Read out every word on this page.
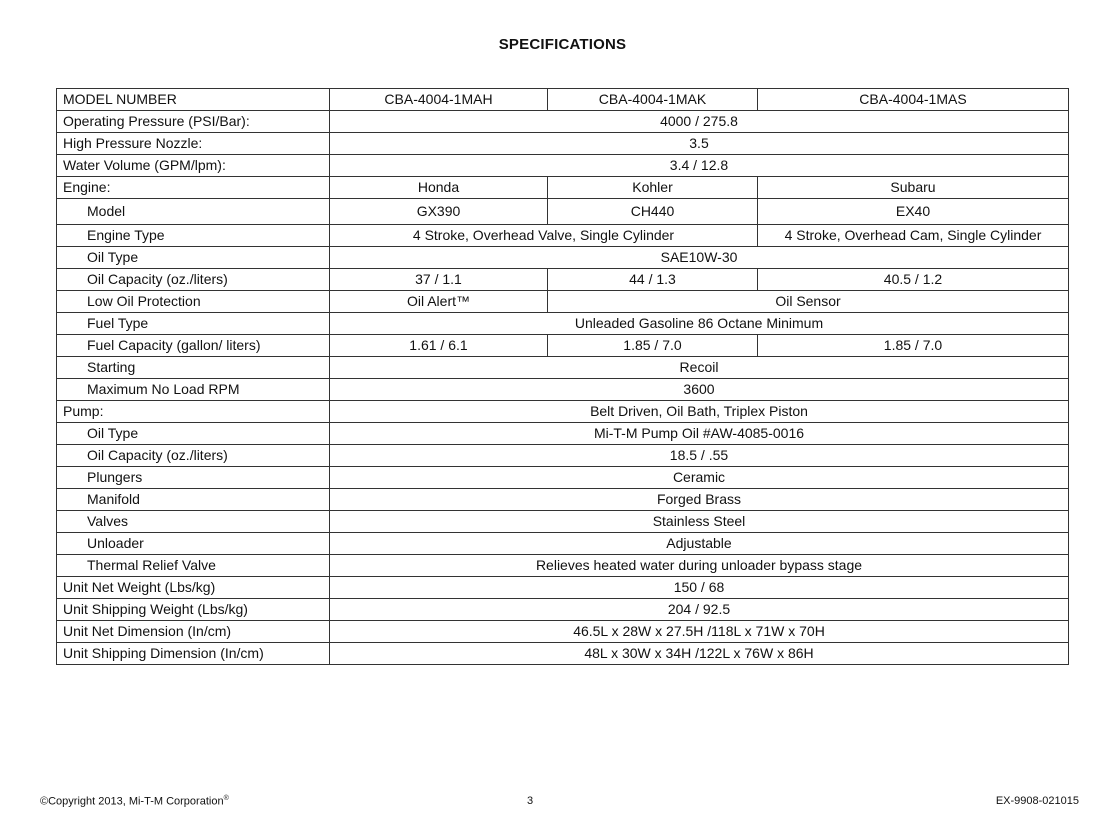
SPECIFICATIONS
MODEL NUMBER	CBA-4004-1MAH	CBA-4004-1MAK	CBA-4004-1MAS
Operating Pressure (PSI/Bar):	4000 / 275.8		
High Pressure Nozzle:	3.5		
Water Volume (GPM/lpm):	3.4 / 12.8		
Engine:	Honda	Kohler	Subaru
Model	GX390	CH440	EX40
Engine Type	4 Stroke, Overhead Valve, Single Cylinder		4 Stroke, Overhead Cam, Single Cylinder
Oil Type	SAE10W-30		
Oil Capacity (oz./liters)	37 / 1.1	44 / 1.3	40.5 / 1.2
Low Oil Protection	Oil Alert™	Oil Sensor	
Fuel Type	Unleaded Gasoline 86 Octane Minimum		
Fuel Capacity (gallon/ liters)	1.61 / 6.1	1.85 / 7.0	1.85 / 7.0
Starting	Recoil		
Maximum No Load RPM	3600		
Pump:	Belt Driven, Oil Bath, Triplex Piston		
Oil Type	Mi-T-M Pump Oil #AW-4085-0016		
Oil Capacity (oz./liters)	18.5 / .55		
Plungers	Ceramic		
Manifold	Forged Brass		
Valves	Stainless Steel		
Unloader	Adjustable		
Thermal Relief Valve	Relieves heated water during unloader bypass stage		
Unit Net Weight (Lbs/kg)	150 / 68		
Unit Shipping Weight (Lbs/kg)	204 / 92.5		
Unit Net Dimension (In/cm)	46.5L x 28W x 27.5H /118L x 71W x 70H		
Unit Shipping Dimension (In/cm)	48L x 30W x 34H /122L x 76W x 86H		
©Copyright 2013, Mi-T-M Corporation®	3	EX-9908-021015
